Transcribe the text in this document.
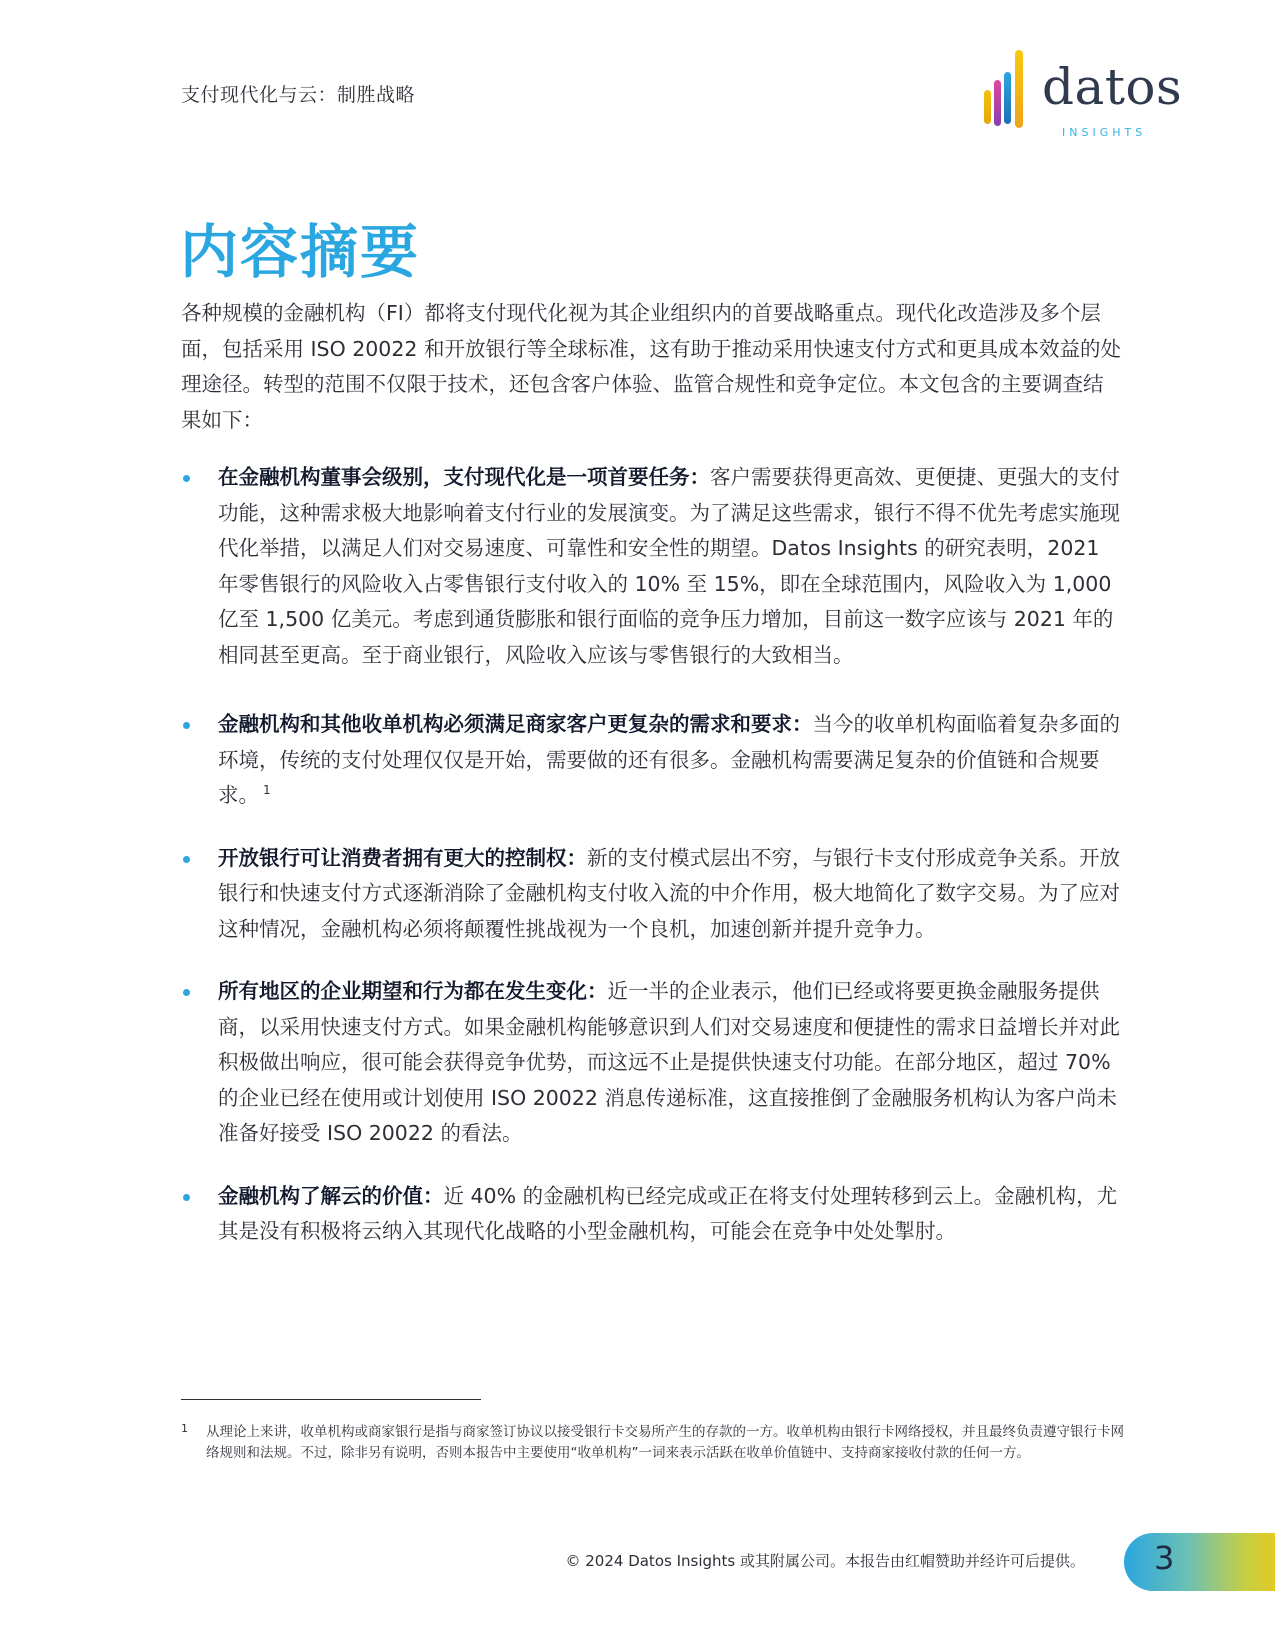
支付现代化与云：制胜战略	datos
INSIGHTS
内容摘要

各种规模的金融机构（FI）都将支付现代化视为其企业组织内的首要战略重点。现代化改造涉及多个层面，包括采用 ISO 20022 和开放银行等全球标准，这有助于推动采用快速支付方式和更具成本效益的处理途径。转型的范围不仅限于技术，还包含客户体验、监管合规性和竞争定位。本文包含的主要调查结果如下：

在金融机构董事会级别，支付现代化是一项首要任务：客户需要获得更高效、更便捷、更强大的支付功能，这种需求极大地影响着支付行业的发展演变。为了满足这些需求，银行不得不优先考虑实施现代化举措，以满足人们对交易速度、可靠性和安全性的期望。Datos Insights 的研究表明，2021 年零售银行的风险收入占零售银行支付收入的 10% 至 15%，即在全球范围内，风险收入为 1,000 亿至 1,500 亿美元。考虑到通货膨胀和银行面临的竞争压力增加，目前这一数字应该与 2021 年的相同甚至更高。至于商业银行，风险收入应该与零售银行的大致相当。
金融机构和其他收单机构必须满足商家客户更复杂的需求和要求：当今的收单机构面临着复杂多面的环境，传统的支付处理仅仅是开始，需要做的还有很多。金融机构需要满足复杂的价值链和合规要求。 $^1$
开放银行可让消费者拥有更大的控制权：新的支付模式层出不穷，与银行卡支付形成竞争关系。开放银行和快速支付方式逐渐消除了金融机构支付收入流的中介作用，极大地简化了数字交易。为了应对这种情况，金融机构必须将颠覆性挑战视为一个良机，加速创新并提升竞争力。
所有地区的企业期望和行为都在发生变化：近一半的企业表示，他们已经或将要更换金融服务提供商，以采用快速支付方式。如果金融机构能够意识到人们对交易速度和便捷性的需求日益增长并对此积极做出响应，很可能会获得竞争优势，而这远不止是提供快速支付功能。在部分地区，超过 70% 的企业已经在使用或计划使用 ISO 20022 消息传递标准，这直接推倒了金融服务机构认为客户尚未准备好接受 ISO 20022 的看法。
金融机构了解云的价值：近 40% 的金融机构已经完成或正在将支付处理转移到云上。金融机构，尤其是没有积极将云纳入其现代化战略的小型金融机构，可能会在竞争中处处掣肘。
1 从理论上来讲，收单机构或商家银行是指与商家签订协议以接受银行卡交易所产生的存款的一方。收单机构由银行卡网络授权，并且最终负责遵守银行卡网络规则和法规。不过，除非另有说明，否则本报告中主要使用“收单机构”一词来表示活跃在收单价值链中、支持商家接收付款的任何一方。
© 2024 Datos Insights 或其附属公司。本报告由红帽赞助并经许可后提供。 3
